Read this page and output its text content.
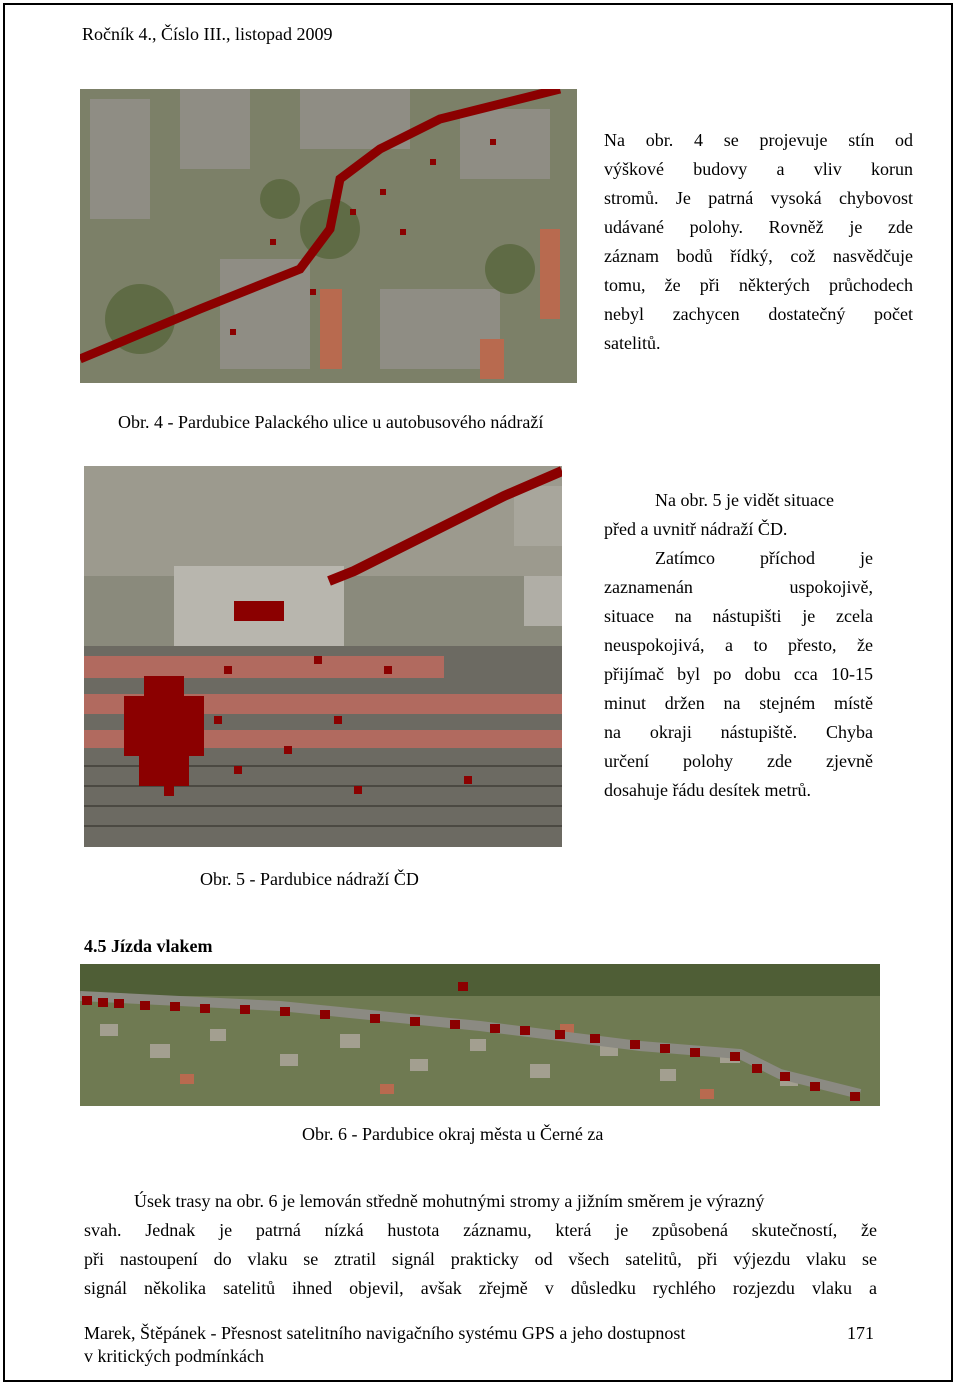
Ročník 4., Číslo III., listopad 2009
Na obr. 4 se projevuje stín od
výškové budovy a vliv korun
stromů. Je patrná vysoká chybovost
udávané polohy. Rovněž je zde
záznam bodů řídký, což nasvědčuje
tomu, že při některých průchodech
nebyl zachycen dostatečný počet
satelitů.
Obr. 4 - Pardubice Palackého ulice u autobusového nádraží
Na obr. 5 je vidět situace
před a uvnitř nádraží ČD.
Zatímco příchod je
zaznamenán uspokojivě,
situace na nástupišti je zcela
neuspokojivá, a to přesto, že
přijímač byl po dobu cca 10-15
minut držen na stejném místě
na okraji nástupiště. Chyba
určení polohy zde zjevně
dosahuje řádu desítek metrů.
Obr. 5 - Pardubice nádraží ČD
4.5 Jízda vlakem
Obr. 6 - Pardubice okraj města u Černé za
Úsek trasy na obr. 6 je lemován středně mohutnými stromy a jižním směrem je výrazný
svah. Jednak je patrná nízká hustota záznamu, která je způsobená skutečností, že
při nastoupení do vlaku se ztratil signál prakticky od všech satelitů, při výjezdu vlaku se
signál několika satelitů ihned objevil, avšak zřejmě v důsledku rychlého rozjezdu vlaku a
Marek, Štěpánek - Přesnost satelitního navigačního systému GPS a jeho dostupnost
v kritických podmínkách
171
